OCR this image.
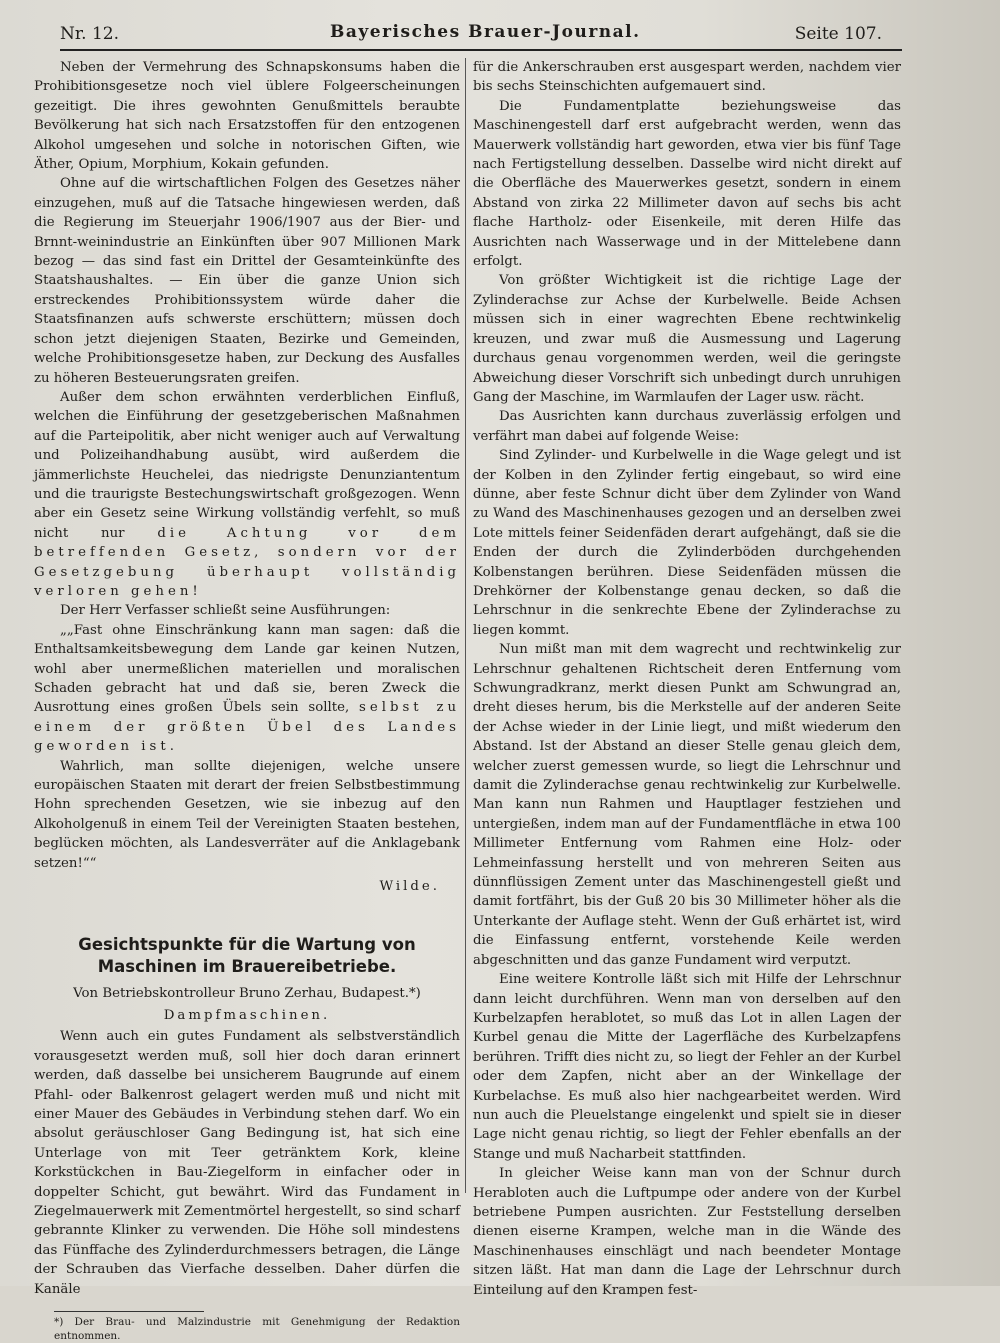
Nr. 12.	Bayerisches Brauer-Journal.	Seite 107.

Neben der Vermehrung des Schnapskonsums haben die Prohibitionsgesetze noch viel üblere Folgeerscheinungen gezeitigt. Die ihres gewohnten Genußmittels beraubte Bevölkerung hat sich nach Ersatzstoffen für den entzogenen Alkohol umgesehen und solche in notorischen Giften, wie Äther, Opium, Morphium, Kokain gefunden.

Ohne auf die wirtschaftlichen Folgen des Gesetzes näher einzugehen, muß auf die Tatsache hingewiesen werden, daß die Regierung im Steuerjahr 1906/1907 aus der Bier- und Brnnt-weinindustrie an Einkünften über 907 Millionen Mark bezog — das sind fast ein Drittel der Gesamteinkünfte des Staatshaushaltes. — Ein über die ganze Union sich erstreckendes Prohibitionssystem würde daher die Staatsfinanzen aufs schwerste erschüttern; müssen doch schon jetzt diejenigen Staaten, Bezirke und Gemeinden, welche Prohibitionsgesetze haben, zur Deckung des Ausfalles zu höheren Besteuerungsraten greifen.

Außer dem schon erwähnten verderblichen Einfluß, welchen die Einführung der gesetzgeberischen Maßnahmen auf die Parteipolitik, aber nicht weniger auch auf Verwaltung und Polizeihandhabung ausübt, wird außerdem die jämmerlichste Heuchelei, das niedrigste Denunziantentum und die traurigste Bestechungswirtschaft großgezogen. Wenn aber ein Gesetz seine Wirkung vollständig verfehlt, so muß nicht nur die Achtung vor dem betreffenden Gesetz, sondern vor der Gesetzgebung überhaupt vollständig verloren gehen!

Der Herr Verfasser schließt seine Ausführungen:

„„Fast ohne Einschränkung kann man sagen: daß die Enthaltsamkeitsbewegung dem Lande gar keinen Nutzen, wohl aber unermeßlichen materiellen und moralischen Schaden gebracht hat und daß sie, beren Zweck die Ausrottung eines großen Übels sein sollte, selbst zu einem der größten Übel des Landes geworden ist.

Wahrlich, man sollte diejenigen, welche unsere europäischen Staaten mit derart der freien Selbstbestimmung Hohn sprechenden Gesetzen, wie sie inbezug auf den Alkoholgenuß in einem Teil der Vereinigten Staaten bestehen, beglücken möchten, als Landesverräter auf die Anklagebank setzen!““

Wilde.

Gesichtspunkte für die Wartung von Maschinen im Brauereibetriebe.

Von Betriebskontrolleur Bruno Zerhau, Budapest.*)

Dampfmaschinen.

Wenn auch ein gutes Fundament als selbstverständlich vorausgesetzt werden muß, soll hier doch daran erinnert werden, daß dasselbe bei unsicherem Baugrunde auf einem Pfahl- oder Balkenrost gelagert werden muß und nicht mit einer Mauer des Gebäudes in Verbindung stehen darf. Wo ein absolut geräuschloser Gang Bedingung ist, hat sich eine Unterlage von mit Teer getränktem Kork, kleine Korkstückchen in Bau-Ziegelform in einfacher oder in doppelter Schicht, gut bewährt. Wird das Fundament in Ziegelmauerwerk mit Zementmörtel hergestellt, so sind scharf gebrannte Klinker zu verwenden. Die Höhe soll mindestens das Fünffache des Zylinderdurchmessers betragen, die Länge der Schrauben das Vierfache desselben. Daher dürfen die Kanäle

*) Der Brau- und Malzindustrie mit Genehmigung der Redaktion entnommen.

für die Ankerschrauben erst ausgespart werden, nachdem vier bis sechs Steinschichten aufgemauert sind.

Die Fundamentplatte beziehungsweise das Maschinengestell darf erst aufgebracht werden, wenn das Mauerwerk vollständig hart geworden, etwa vier bis fünf Tage nach Fertigstellung desselben. Dasselbe wird nicht direkt auf die Oberfläche des Mauerwerkes gesetzt, sondern in einem Abstand von zirka 22 Millimeter davon auf sechs bis acht flache Hartholz- oder Eisenkeile, mit deren Hilfe das Ausrichten nach Wasserwage und in der Mittelebene dann erfolgt.

Von größter Wichtigkeit ist die richtige Lage der Zylinderachse zur Achse der Kurbelwelle. Beide Achsen müssen sich in einer wagrechten Ebene rechtwinkelig kreuzen, und zwar muß die Ausmessung und Lagerung durchaus genau vorgenommen werden, weil die geringste Abweichung dieser Vorschrift sich unbedingt durch unruhigen Gang der Maschine, im Warmlaufen der Lager usw. rächt.

Das Ausrichten kann durchaus zuverlässig erfolgen und verfährt man dabei auf folgende Weise:

Sind Zylinder- und Kurbelwelle in die Wage gelegt und ist der Kolben in den Zylinder fertig eingebaut, so wird eine dünne, aber feste Schnur dicht über dem Zylinder von Wand zu Wand des Maschinenhauses gezogen und an derselben zwei Lote mittels feiner Seidenfäden derart aufgehängt, daß sie die Enden der durch die Zylinderböden durchgehenden Kolbenstangen berühren. Diese Seidenfäden müssen die Drehkörner der Kolbenstange genau decken, so daß die Lehrschnur in die senkrechte Ebene der Zylinderachse zu liegen kommt.

Nun mißt man mit dem wagrecht und rechtwinkelig zur Lehrschnur gehaltenen Richtscheit deren Entfernung vom Schwungradkranz, merkt diesen Punkt am Schwungrad an, dreht dieses herum, bis die Merkstelle auf der anderen Seite der Achse wieder in der Linie liegt, und mißt wiederum den Abstand. Ist der Abstand an dieser Stelle genau gleich dem, welcher zuerst gemessen wurde, so liegt die Lehrschnur und damit die Zylinderachse genau rechtwinkelig zur Kurbelwelle. Man kann nun Rahmen und Hauptlager festziehen und untergießen, indem man auf der Fundamentfläche in etwa 100 Millimeter Entfernung vom Rahmen eine Holz- oder Lehmeinfassung herstellt und von mehreren Seiten aus dünnflüssigen Zement unter das Maschinengestell gießt und damit fortfährt, bis der Guß 20 bis 30 Millimeter höher als die Unterkante der Auflage steht. Wenn der Guß erhärtet ist, wird die Einfassung entfernt, vorstehende Keile werden abgeschnitten und das ganze Fundament wird verputzt.

Eine weitere Kontrolle läßt sich mit Hilfe der Lehrschnur dann leicht durchführen. Wenn man von derselben auf den Kurbelzapfen herablotet, so muß das Lot in allen Lagen der Kurbel genau die Mitte der Lagerfläche des Kurbelzapfens berühren. Trifft dies nicht zu, so liegt der Fehler an der Kurbel oder dem Zapfen, nicht aber an der Winkellage der Kurbelachse. Es muß also hier nachgearbeitet werden. Wird nun auch die Pleuelstange eingelenkt und spielt sie in dieser Lage nicht genau richtig, so liegt der Fehler ebenfalls an der Stange und muß Nacharbeit stattfinden.

In gleicher Weise kann man von der Schnur durch Herabloten auch die Luftpumpe oder andere von der Kurbel betriebene Pumpen ausrichten. Zur Feststellung derselben dienen eiserne Krampen, welche man in die Wände des Maschinenhauses einschlägt und nach beendeter Montage sitzen läßt. Hat man dann die Lage der Lehrschnur durch Einteilung auf den Krampen fest-
